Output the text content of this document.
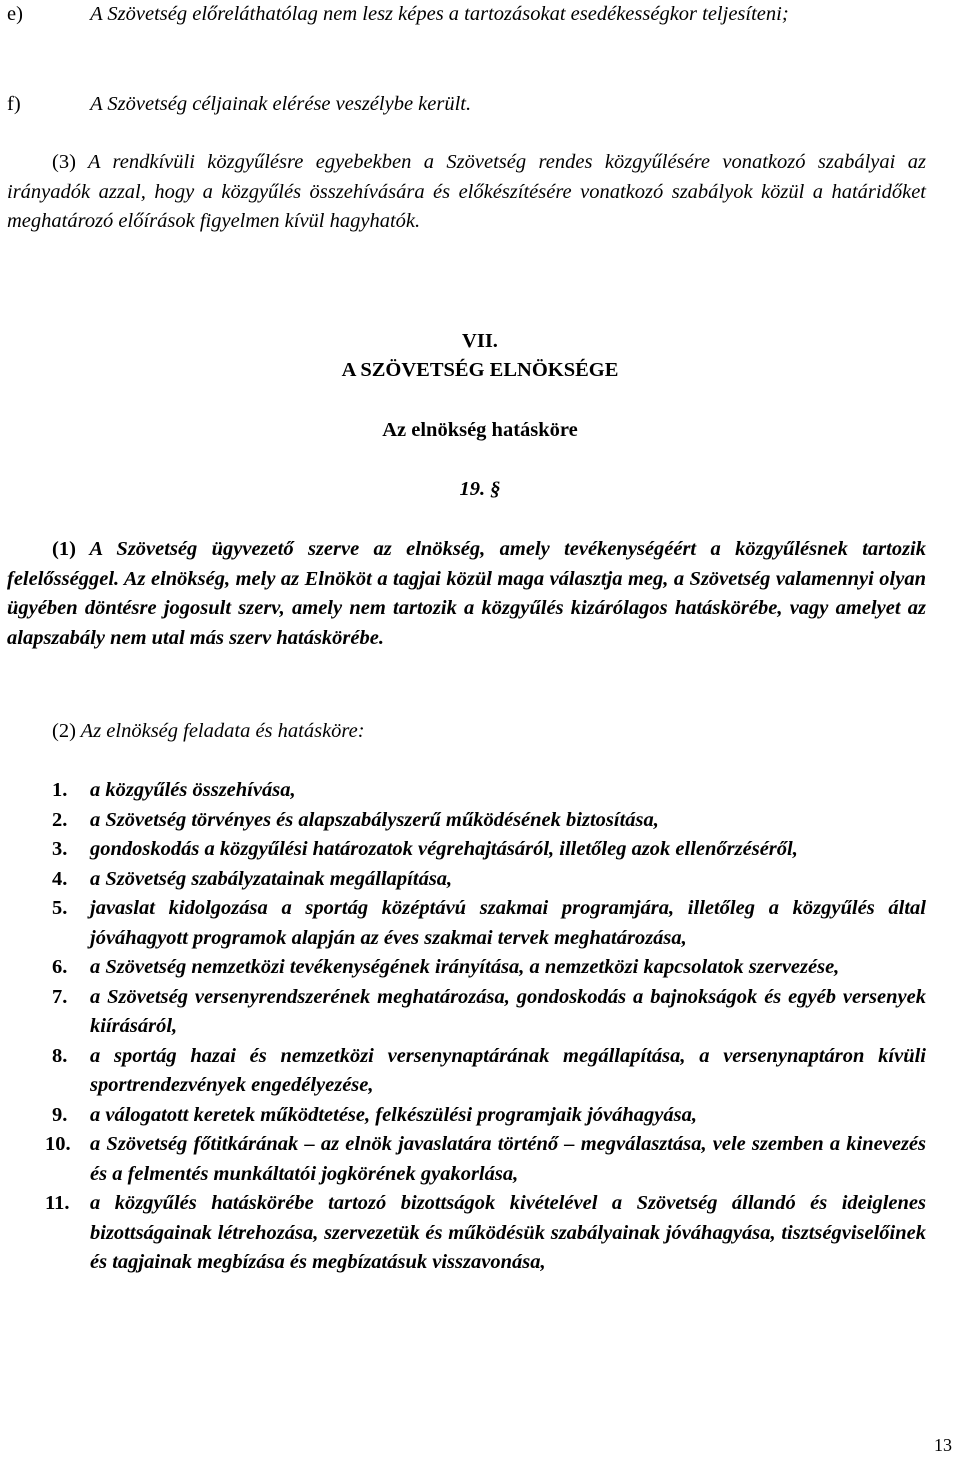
e)	A Szövetség előreláthatólag nem lesz képes a tartozásokat esedékességkor teljesíteni;
f)	A Szövetség céljainak elérése veszélybe került.
(3) A rendkívüli közgyűlésre egyebekben a Szövetség rendes közgyűlésére vonatkozó szabályai az irányadók azzal, hogy a közgyűlés összehívására és előkészítésére vonatkozó szabályok közül a határidőket meghatározó előírások figyelmen kívül hagyhatók.
VII.
A SZÖVETSÉG ELNÖKSÉGE
Az elnökség hatásköre
19. §
(1) A Szövetség ügyvezető szerve az elnökség, amely tevékenységéért a közgyűlésnek tartozik felelősséggel. Az elnökség, mely az Elnököt a tagjai közül maga választja meg, a Szövetség valamennyi olyan ügyében döntésre jogosult szerv, amely nem tartozik a közgyűlés kizárólagos hatáskörébe, vagy amelyet az alapszabály nem utal más szerv hatáskörébe.
(2) Az elnökség feladata és hatásköre:
1. a közgyűlés összehívása,
2. a Szövetség törvényes és alapszabályszerű működésének biztosítása,
3. gondoskodás a közgyűlési határozatok végrehajtásáról, illetőleg azok ellenőrzéséről,
4. a Szövetség szabályzatainak megállapítása,
5. javaslat kidolgozása a sportág középtávú szakmai programjára, illetőleg a közgyűlés által jóváhagyott programok alapján az éves szakmai tervek meghatározása,
6. a Szövetség nemzetközi tevékenységének irányítása, a nemzetközi kapcsolatok szervezése,
7. a Szövetség versenyrendszerének meghatározása, gondoskodás a bajnokságok és egyéb versenyek kiírásáról,
8. a sportág hazai és nemzetközi versenynaptárának megállapítása, a versenynaptáron kívüli sportrendezvények engedélyezése,
9. a válogatott keretek működtetése, felkészülési programjaik jóváhagyása,
10. a Szövetség főtitkárának – az elnök javaslatára történő – megválasztása, vele szemben a kinevezés és a felmentés munkáltatói jogkörének gyakorlása,
11. a közgyűlés hatáskörébe tartozó bizottságok kivételével a Szövetség állandó és ideiglenes bizottságainak létrehozása, szervezetük és működésük szabályainak jóváhagyása, tisztségviselőinek és tagjainak megbízása és megbízatásuk visszavonása,
13
